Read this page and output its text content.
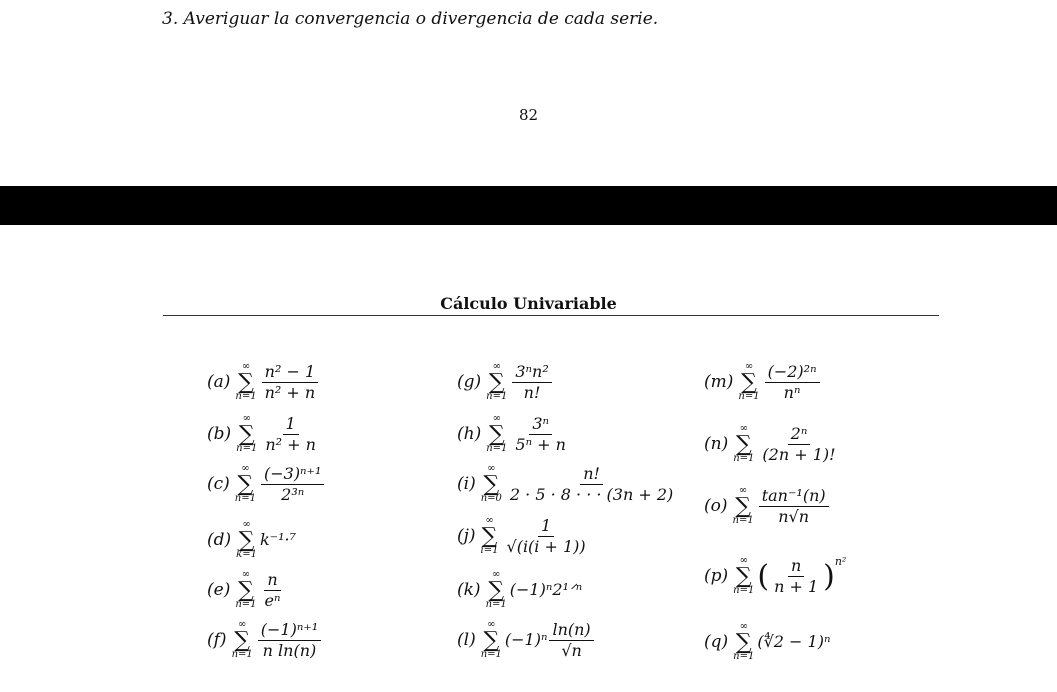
3. Averiguar la convergencia o divergencia de cada serie.
82
Cálculo Univariable
(a)
∞
∑
$n=1 \frac{\text{n² − 1}}{\text{n² + n}}$
(b)
∞
∑
$n=1 \frac{1}{\text{n² + n}}$
(c)
∞
∑
$n=1 \frac{\text{(−3)ⁿ⁺¹}}{\text{2³ⁿ}}$
(d)
∞
∑
k=1
k⁻¹·⁷
(e)
∞
∑
$n=1 \frac{n}{\text{eⁿ}}$
(f)
∞
∑
$n=1 \frac{\text{(−1)ⁿ⁺¹}}{\text{n ln(n)}}$
(g)
∞
∑
$n=1 \frac{\text{3ⁿn²}}{n!}$
(h)
∞
∑
$n=1 \frac{\text{3ⁿ}}{\text{5ⁿ + n}}$
(i)
∞
∑
$n=0 \frac{n!}{2 \cdot 5 \cdot 8 \cdot \cdot \cdot (3n + 2)}$
(j)
∞
∑
$i=1 \frac{1}{√(i(i + 1))}$
(k)
∞
∑
n=1
(−1)ⁿ2¹ᐟⁿ
(l)
∞
∑
n=1
$(-1)^n \frac{\ln(n)}{√n}$
(m)
∞
∑
$n=1 \frac{\text{(−2)²ⁿ}}{\text{nⁿ}}$
(n)
∞
∑
$n=1 \frac{\text{2ⁿ}}{(2n + 1)!}$
(o)
∞
∑
$n=1 \frac{\text{tan⁻¹(n)}}{n√n}$
(p)
∞
∑
n=1 ( $\frac{n}{n + 1} )^{n^2}$
(q)
∞
∑
n=1
(∜2 − 1)ⁿ
